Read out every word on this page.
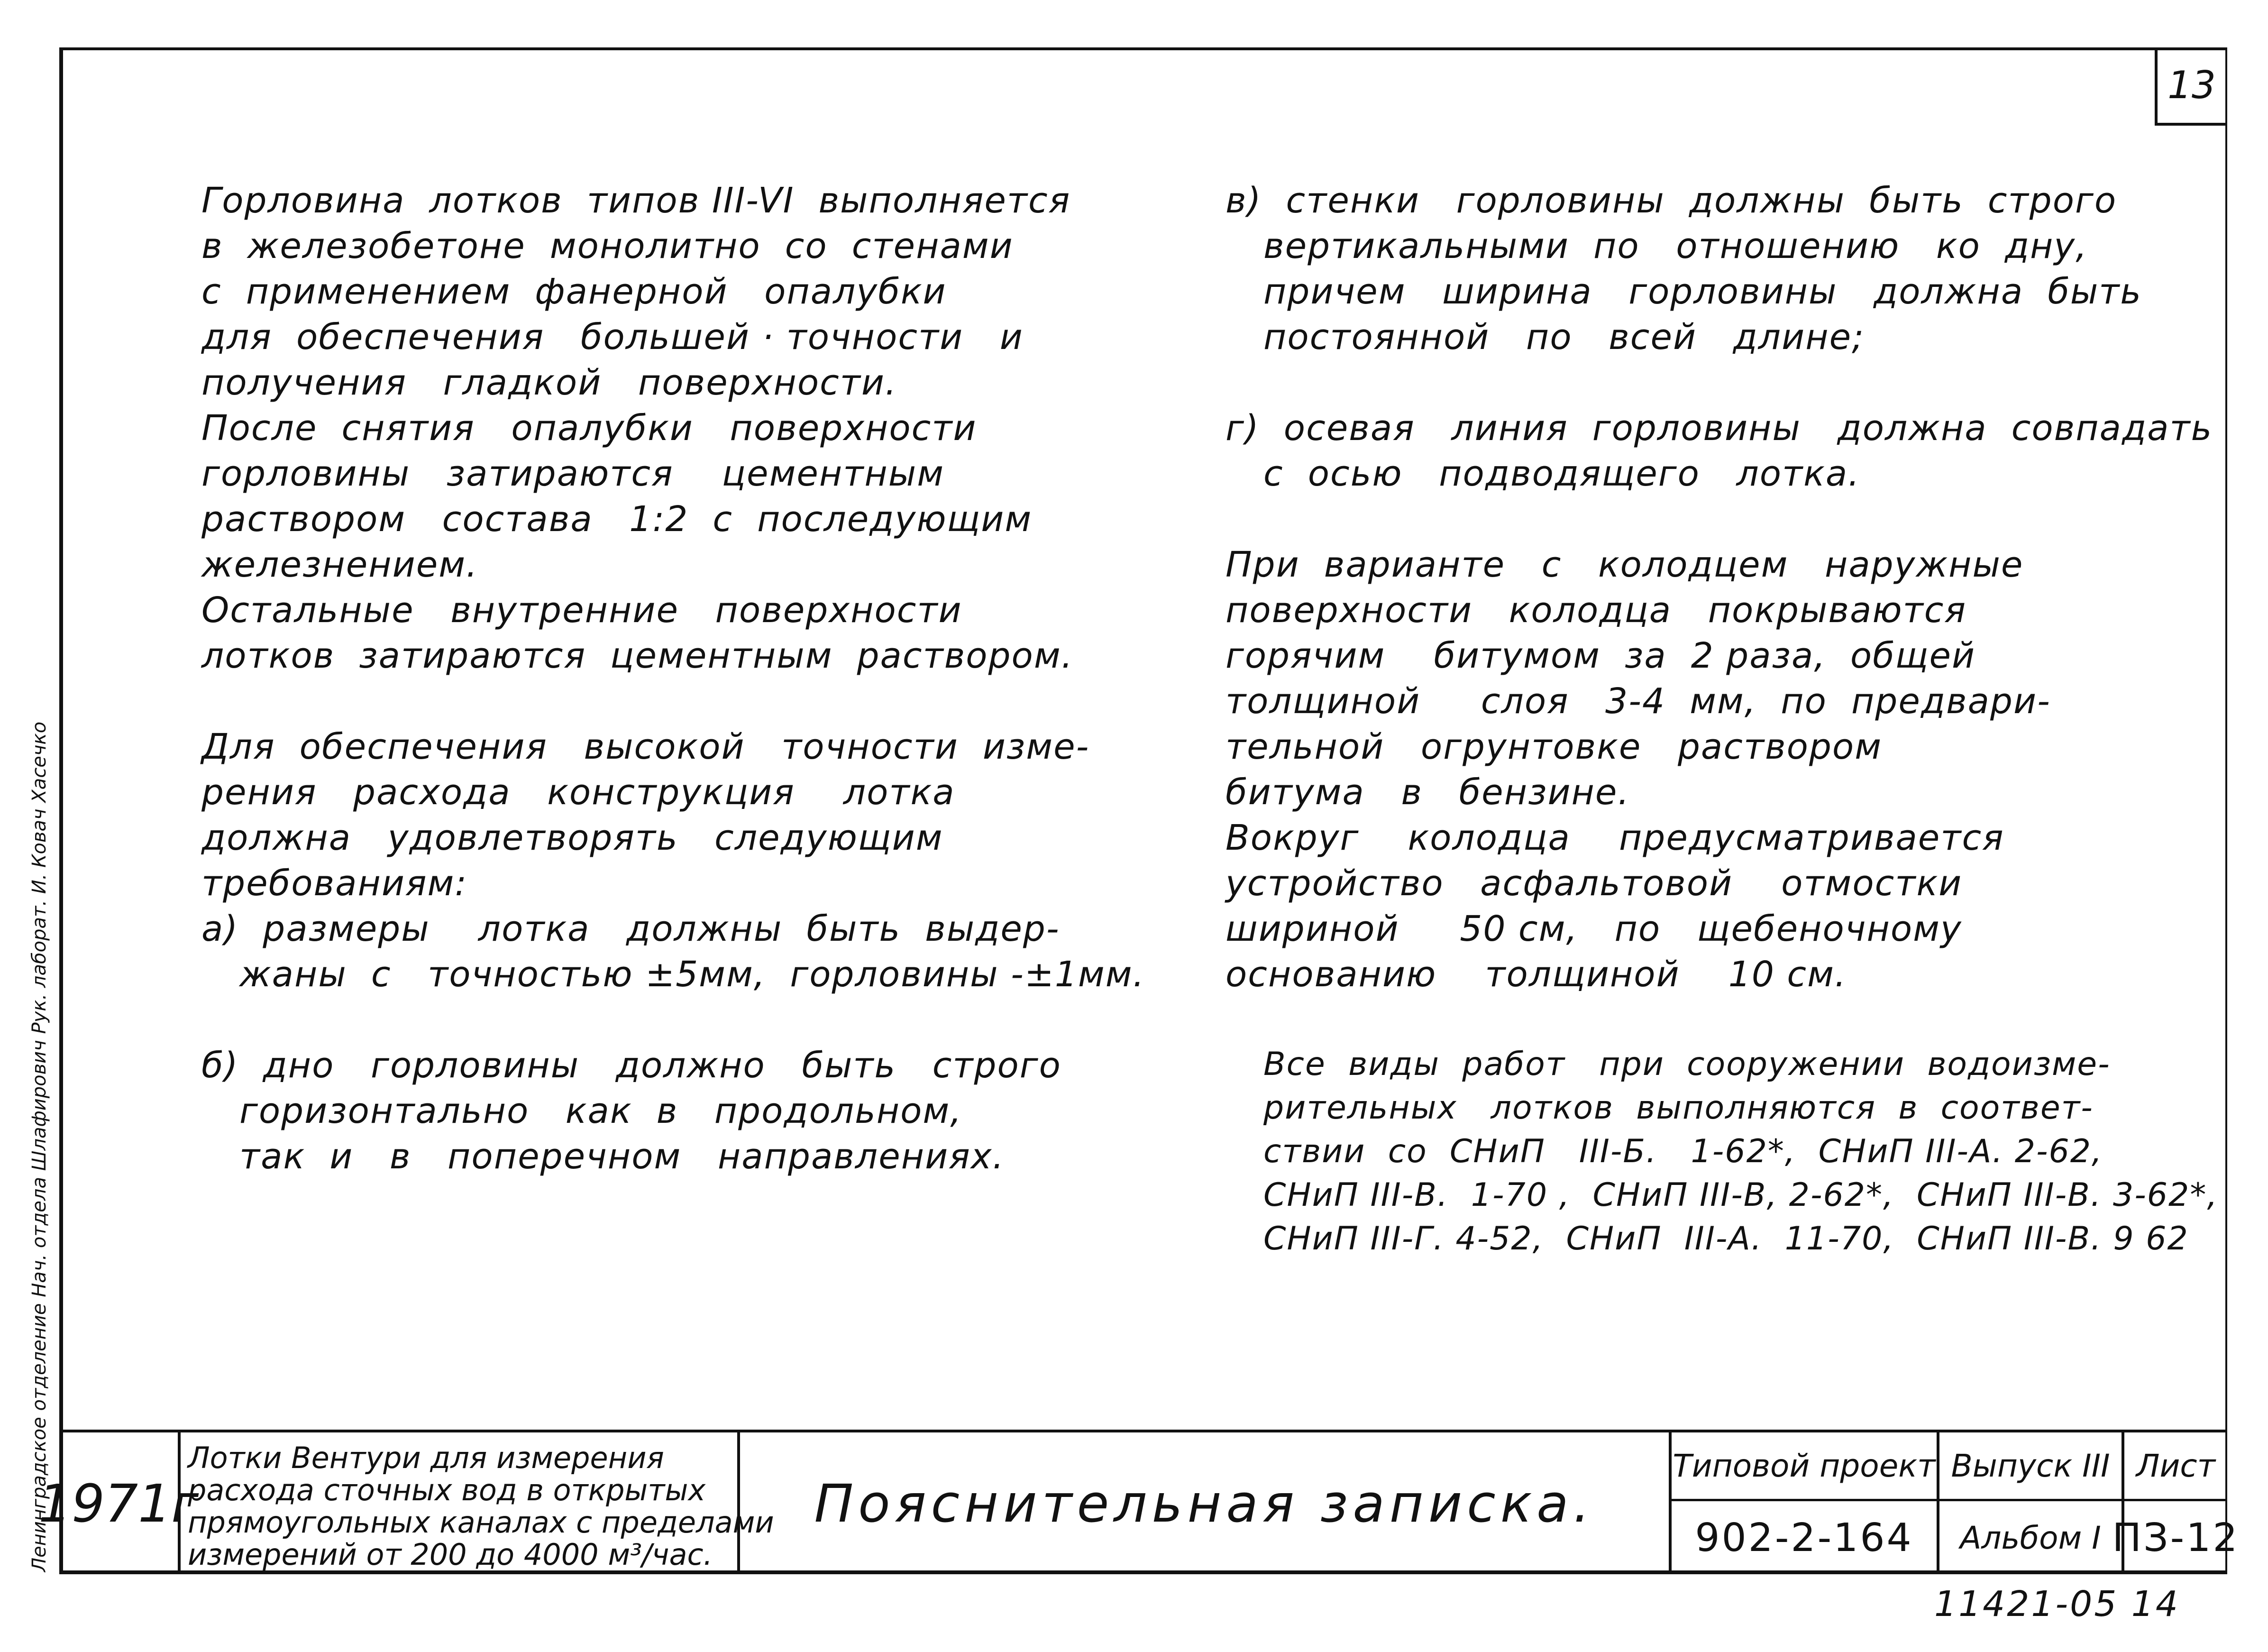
13
Ленинградское отделение Нач. отдела Шлафирович Рук. лаборат. И. Ковач Хасечко

Горловина  лотков  типов III-VI  выполняется

в  железобетоне  монолитно  со  стенами

с  применением  фанерной   опалубки

для  обеспечения   большей · точности   и

получения   гладкой   поверхности.

После  снятия   опалубки   поверхности

горловины   затираются    цементным

раствором   состава   1:2  с  последующим

железнением.

Остальные   внутренние   поверхности

лотков  затираются  цементным  раствором.

Для  обеспечения   высокой   точности  изме-

рения   расхода   конструкция    лотка

должна   удовлетворять   следующим

требованиям:

а)  размеры    лотка   должны  быть  выдер-

жаны  с   точностью ±5мм,  горловины -±1мм.

б)  дно   горловины   должно   быть   строго

горизонтально   как  в   продольном,

так  и   в   поперечном   направлениях.

в)  стенки   горловины  должны  быть  строго

вертикальными  по   отношению   ко  дну,

причем   ширина   горловины   должна  быть

постоянной   по   всей   длине;

г)  осевая   линия  горловины   должна  совпадать

с  осью   подводящего   лотка.

При  варианте   с   колодцем   наружные

поверхности   колодца   покрываются

горячим    битумом  за  2 раза,  общей

толщиной     слоя   3-4  мм,  по  предвари-

тельной   огрунтовке   раствором

битума   в   бензине.

Вокруг    колодца    предусматривается

устройство   асфальтовой    отмостки

шириной     50 см,   по   щебеночному

основанию    толщиной    10 см.

Все  виды  работ   при  сооружении  водоизме-

рительных   лотков  выполняются  в  соответ-

ствии  со  СНиП   III-Б.   1-62*,  СНиП III-А. 2-62,

СНиП III-В.  1-70 ,  СНиП III-В, 2-62*,  СНиП III-В. 3-62*,

СНиП III-Г. 4-52,  СНиП  III-А.  11-70,  СНиП III-В. 9 62

1971г

Лотки Вентури для измерения

расхода сточных вод в открытых

прямоугольных каналах с пределами

измерений от 200 до 4000 м³/час.

Пояснительная записка.
Типовой проект
902-2-164
Выпуск III
Альбом I
Лист
ПЗ-12
11421-05 14
